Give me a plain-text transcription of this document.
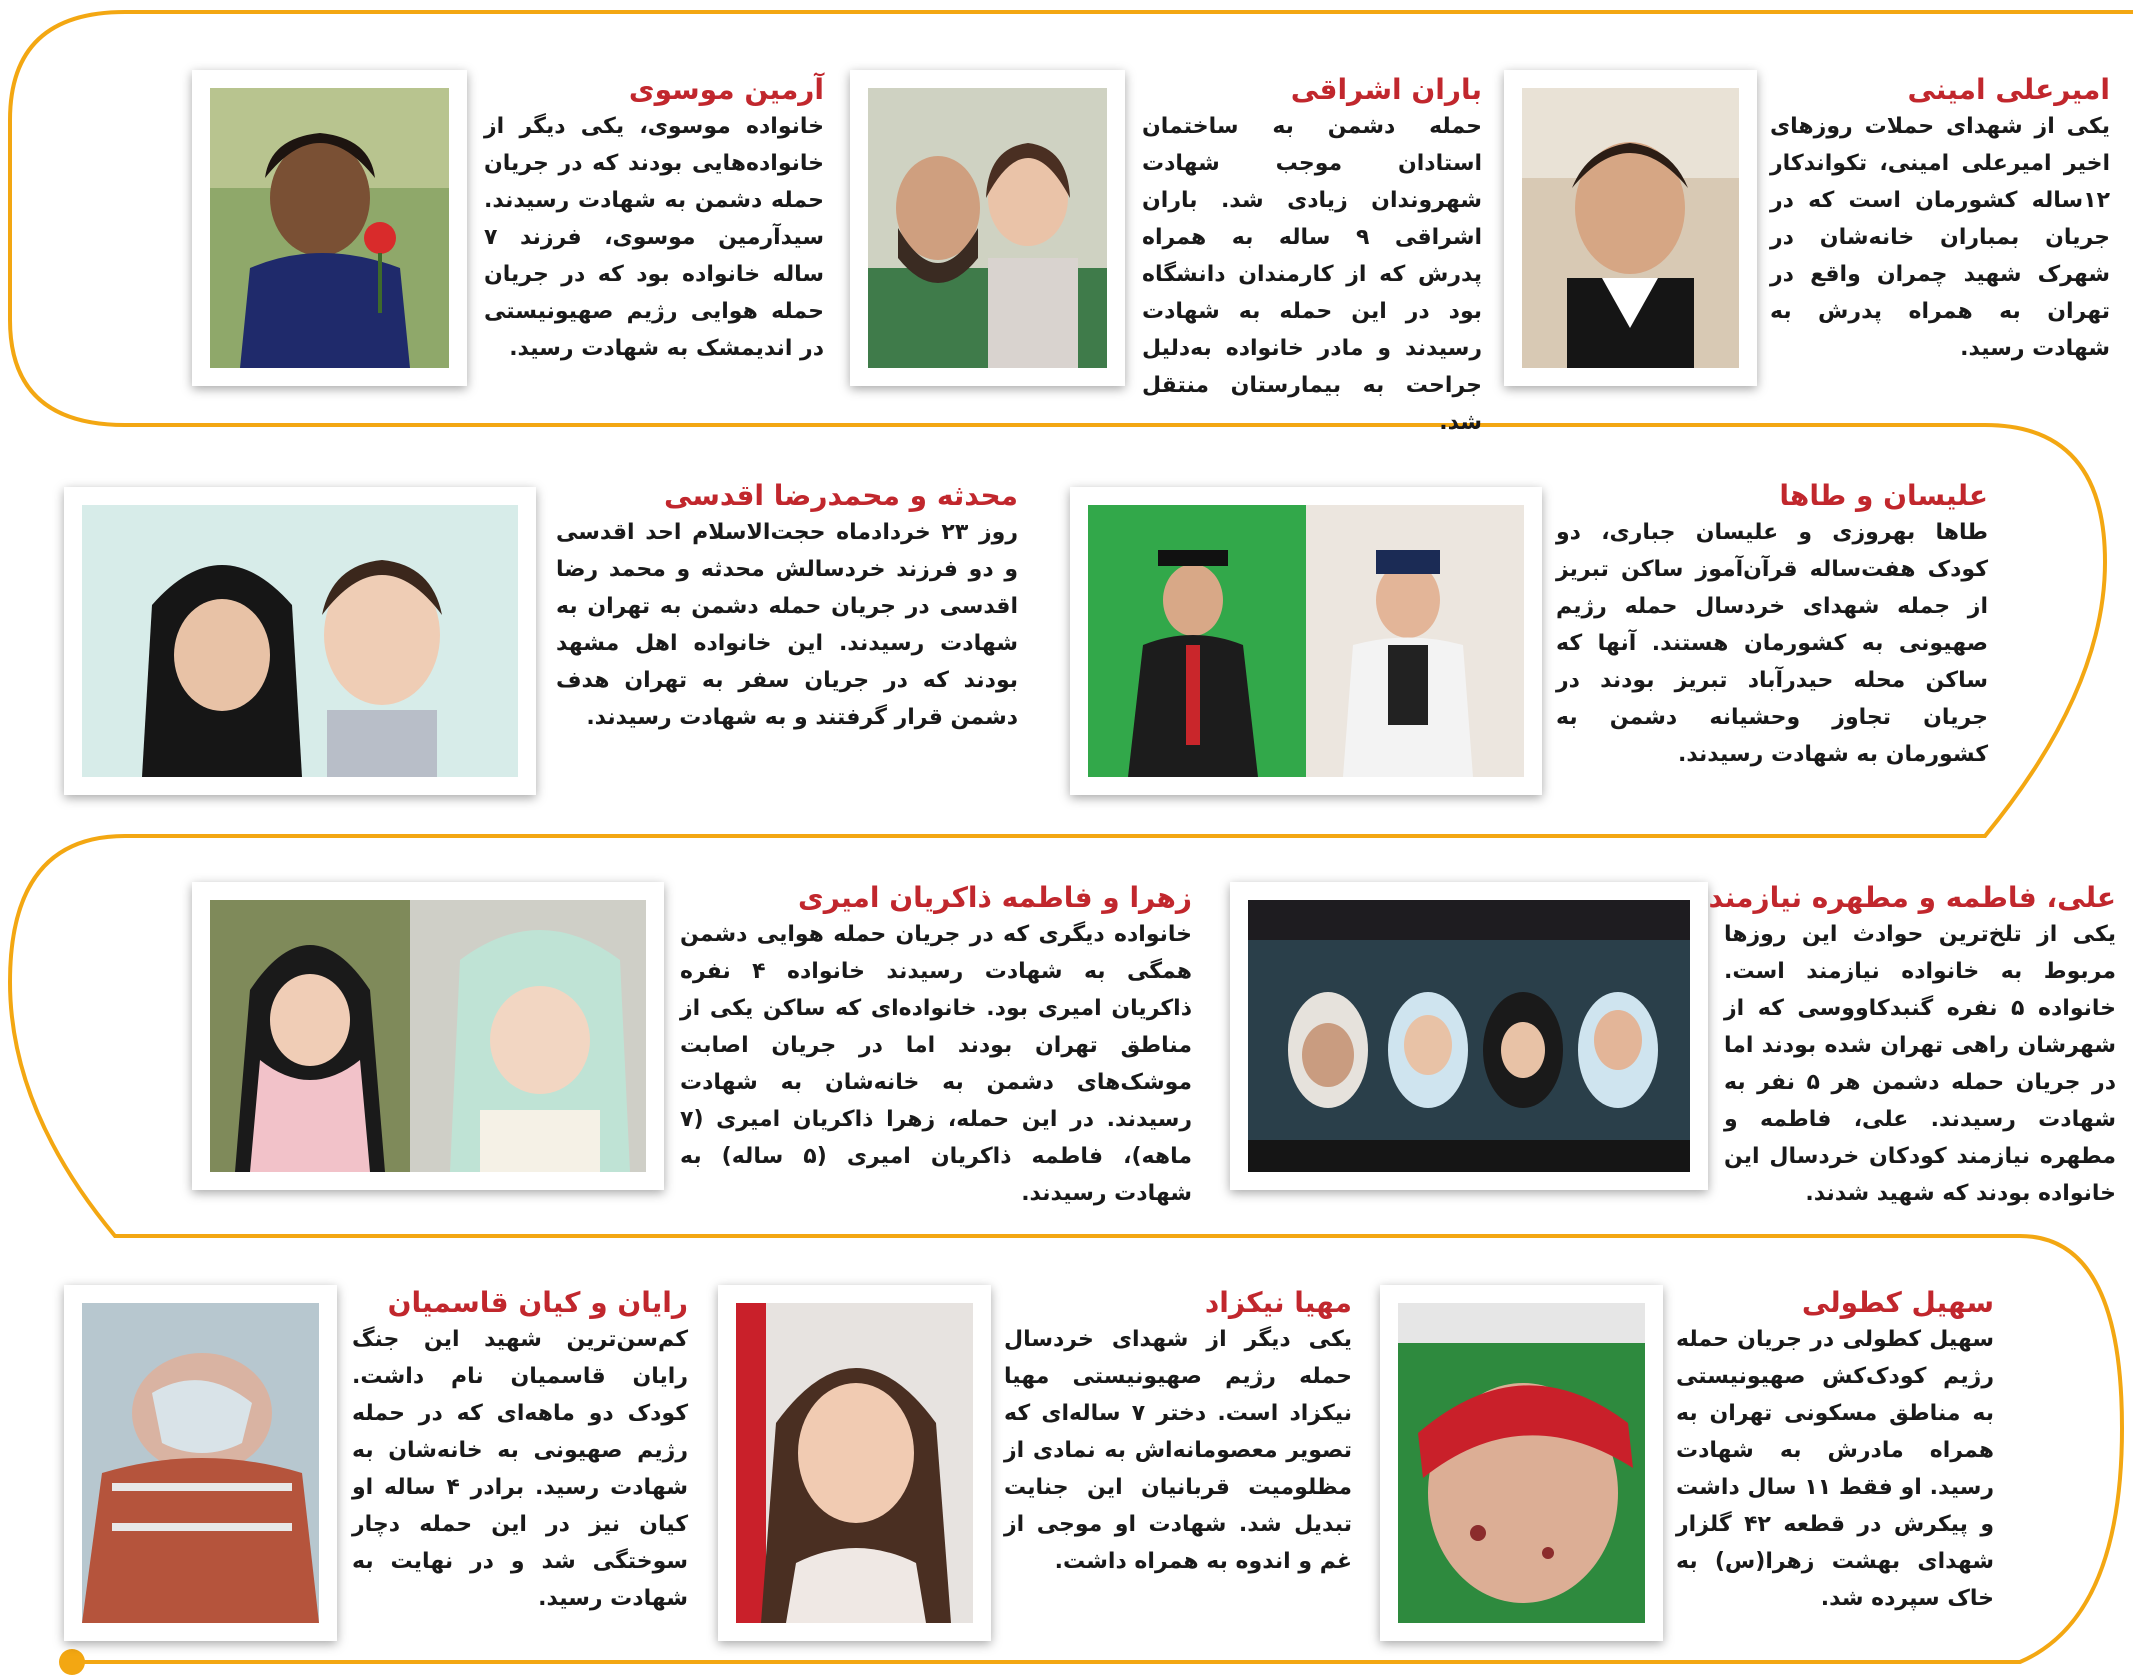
امیرعلی امینی

یکی از شهدای حملات روزهای اخیر امیرعلی امینی، تکواندکار ۱۲ساله کشورمان است که در جریان بمباران خانه‌شان در شهرک شهید چمران واقع در تهران به همراه پدرش به شهادت رسید.

باران اشراقی

حمله دشمن به ساختمان استادان موجب شهادت شهروندان زیادی شد. باران اشراقی ۹ ساله به همراه پدرش که از کارمندان دانشگاه بود در این حمله به شهادت رسیدند و مادر خانواده به‌دلیل جراحت به بیمارستان منتقل شد.

آرمین موسوی

خانواده موسوی، یکی دیگر از خانواده‌هایی بودند که در جریان حمله دشمن به شهادت رسیدند. سیدآرمین موسوی، فرزند ۷ ساله خانواده بود که در جریان حمله هوایی رژیم صهیونیستی در اندیمشک به شهادت رسید.

علیسان و طاها

طاها بهروزی و علیسان جباری، دو کودک هفت‌ساله قرآن‌آموز ساکن تبریز از جمله شهدای خردسال حمله رژیم صهیونی به کشورمان هستند. آنها که ساکن محله حیدرآباد تبریز بودند در جریان تجاوز وحشیانه دشمن به کشورمان به شهادت رسیدند.

محدثه و محمدرضا اقدسی

روز ۲۳ خردادماه حجت‌الاسلام احد اقدسی و دو فرزند خردسالش محدثه و محمد رضا اقدسی در جریان حمله دشمن به تهران به شهادت رسیدند. این خانواده اهل مشهد بودند که در جریان سفر به تهران هدف دشمن قرار گرفتند و به شهادت رسیدند.

علی، فاطمه و مطهره نیازمند

یکی از تلخ‌ترین حوادث این روزها مربوط به خانواده نیازمند است. خانواده ۵ نفره گنبدکاووسی که از شهرشان راهی تهران شده بودند اما در جریان حمله دشمن هر ۵ نفر به شهادت رسیدند. علی، فاطمه و مطهره نیازمند کودکان خردسال این خانواده بودند که شهید شدند.

زهرا و فاطمه ذاکریان امیری

خانواده دیگری که در جریان حمله هوایی دشمن همگی به شهادت رسیدند خانواده ۴ نفره ذاکریان امیری بود. خانواده‌ای که ساکن یکی از مناطق تهران بودند اما در جریان اصابت موشک‌های دشمن به خانه‌شان به شهادت رسیدند. در این حمله، زهرا ذاکریان امیری (۷ ماهه)، فاطمه ذاکریان امیری (۵ ساله) به شهادت رسیدند.

سهیل کطولی

سهیل کطولی در جریان حمله رژیم کودک‌کش صهیونیستی به مناطق مسکونی تهران به همراه مادرش به شهادت رسید. او فقط ۱۱ سال داشت و پیکرش در قطعه ۴۲ گلزار شهدای بهشت زهرا(س) به خاک سپرده شد.

مهیا نیکزاد

یکی دیگر از شهدای خردسال حمله رژیم صهیونیستی مهیا نیکزاد است. دختر ۷ ساله‌ای که تصویر معصومانه‌اش به نمادی از مظلومیت قربانیان این جنایت تبدیل شد. شهادت او موجی از غم و اندوه به همراه داشت.

رایان و کیان قاسمیان

کم‌سن‌ترین شهید این جنگ رایان قاسمیان نام داشت. کودک دو ماهه‌ای که در حمله رژیم صهیونی به خانه‌شان به شهادت رسید. برادر ۴ ساله او کیان نیز در این حمله دچار سوختگی شد و در نهایت به شهادت رسید.
